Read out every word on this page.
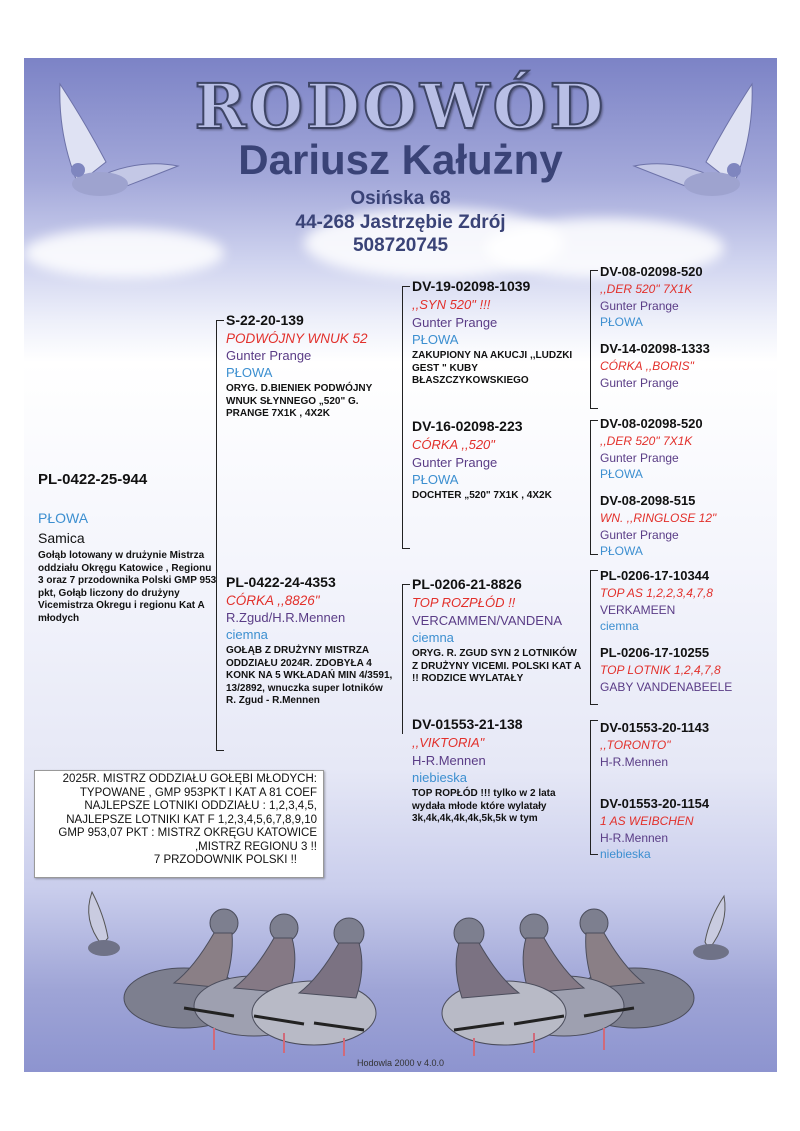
RODOWÓD
Dariusz Kałużny
Osińska 68
44-268 Jastrzębie Zdrój
508720745
PL-0422-25-944
PŁOWA
Samica
Gołąb lotowany w drużynie Mistrza oddziału Okręgu Katowice , Regionu 3 oraz 7 przodownika Polski GMP 953 pkt, Gołąb liczony do drużyny Vicemistrza Okregu i regionu Kat A młodych
S-22-20-139
PODWÓJNY WNUK 52
Gunter Prange
PŁOWA
ORYG. D.BIENIEK PODWÓJNY WNUK SŁYNNEGO „520" G. PRANGE 7X1K , 4X2K
PL-0422-24-4353
CÓRKA ,,8826"
R.Zgud/H.R.Mennen
ciemna
GOŁĄB Z DRUŻYNY MISTRZA ODDZIAŁU 2024R. ZDOBYŁA 4 KONK NA 5 WKŁADAŃ MIN 4/3591, 13/2892, wnuczka super lotników R. Zgud - R.Mennen
DV-19-02098-1039
,,SYN 520" !!!
Gunter Prange
PŁOWA
ZAKUPIONY NA AKUCJI ,,LUDZKI GEST " KUBY BŁASZCZYKOWSKIEGO
DV-16-02098-223
CÓRKA ,,520"
Gunter Prange
PŁOWA
DOCHTER „520" 7X1K , 4X2K
PL-0206-21-8826
TOP ROZPŁÓD !!
VERCAMMEN/VANDENA
ciemna
ORYG. R. ZGUD SYN 2 LOTNIKÓW Z DRUŻYNY VICEMI. POLSKI KAT A !! RODZICE WYLATAŁY
DV-01553-21-138
,,VIKTORIA"
H-R.Mennen
niebieska
TOP ROPŁÓD !!! tylko w 2 lata wydała młode które wylatały 3k,4k,4k,4k,4k,5k,5k w tym
DV-08-02098-520
,,DER 520" 7X1K
Gunter Prange
PŁOWA
DV-14-02098-1333
CÓRKA ,,BORIS"
Gunter Prange
DV-08-02098-520
,,DER 520" 7X1K
Gunter Prange
PŁOWA
DV-08-2098-515
WN. ,,RINGLOSE 12"
Gunter Prange
PŁOWA
PL-0206-17-10344
TOP AS 1,2,2,3,4,7,8
VERKAMEEN
ciemna
PL-0206-17-10255
TOP LOTNIK 1,2,4,7,8
GABY VANDENABEELE
DV-01553-20-1143
,,TORONTO"
H-R.Mennen
DV-01553-20-1154
1 AS WEIBCHEN
H-R.Mennen
niebieska
2025R. MISTRZ ODDZIAŁU GOŁĘBI MŁODYCH:
TYPOWANE , GMP 953PKT I KAT A 81 COEF
NAJLEPSZE LOTNIKI ODDZIAŁU : 1,2,3,4,5,
NAJLEPSZE LOTNIKI KAT F 1,2,3,4,5,6,7,8,9,10
GMP 953,07 PKT : MISTRZ OKRĘGU KATOWICE
,MISTRZ REGIONU 3 !!
7 PRZODOWNIK POLSKI !!
Hodowla 2000 v 4.0.0
